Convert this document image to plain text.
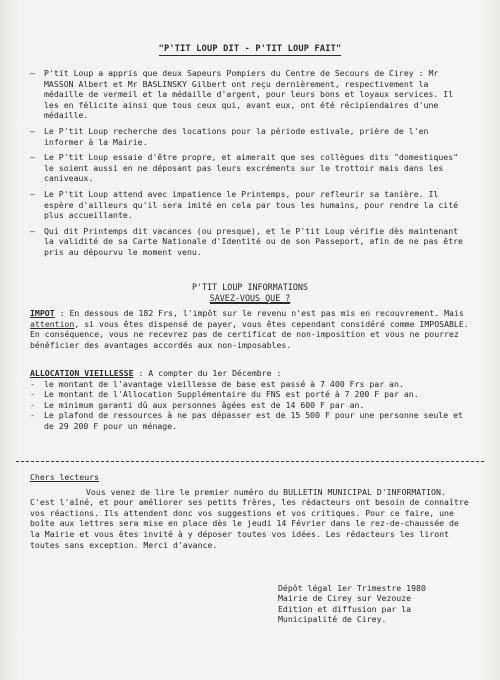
"P'TIT LOUP DIT - P'TIT LOUP FAIT"
–	P'tit Loup a appris que deux Sapeurs Pompiers du Centre de Secours de Cirey : Mr MASSON Albert et Mr BASLINSKY Gilbert ont reçu dernièrement, respectivement la médaille de vermeil et la médaille d'argent, pour leurs bons et loyaux services. Il les en félicite ainsi que tous ceux qui, avant eux, ont été récipiendaires d'une médaille.
–	Le P'tit Loup recherche des locations pour la période estivale, prière de l'en informer à la Mairie.
–	Le P'tit Loup essaie d'être propre, et aimerait que ses collègues dits "domestiques" le soient aussi en ne déposant pas leurs excréments sur le trottoir mais dans les caniveaux.
–	Le P'tit Loup attend avec impatience le Printemps, pour refleurir sa tanière. Il espère d'ailleurs qu'il sera imité en cela par tous les humains, pour rendre la cité plus accueillante.
–	Qui dit Printemps dit vacances (ou presque), et le P'tit Loup vérifie dès maintenant la validité de sa Carte Nationale d'Identité ou de son Passeport, afin de ne pas être pris au dépourvu le moment venu.
P'TIT LOUP INFORMATIONS
SAVEZ-VOUS QUE ?

IMPOT : En dessous de 182 Frs, l'impôt sur le revenu n'est pas mis en recouvrement. Mais attention, si vous êtes dispensé de payer, vous êtes cependant considéré comme IMPOSABLE. En conséquence, vous ne recevrez pas de certificat de non-imposition et vous ne pourrez bénéficier des avantages accordés aux non-imposables.

ALLOCATION VIEILLESSE : A compter du 1er Décembre :

-	le montant de l'avantage vieillesse de base est passé à 7 400 Frs par an.
-	Le montant de l'Allocation Supplémentaire du FNS est porté à 7 200 F par an.
-	Le minimum garanti dû aux personnes âgées est de 14 600 F par an.
-	Le plafond de ressources à ne pas dépasser est de 15 500 F pour une personne seule et de 29 200 F pour un ménage.
Chers lecteurs

Vous venez de lire le premier numéro du BULLETIN MUNICIPAL D'INFORMATION. C'est l'aîné, et pour améliorer ses petits frères, les rédacteurs ont besoin de connaître vos réactions. Ils attendent donc vos suggestions et vos critiques. Pour ce faire, une boîte aux lettres sera mise en place dès le jeudi 14 Février dans le rez-de-chaussée de la Mairie et vous êtes invité à y déposer toutes vos idées. Les rédacteurs les liront toutes sans exception. Merci d'avance.

Dépôt légal 1er Trimestre 1980
Mairie de Cirey sur Vezouze
Edition et diffusion par la
Municipalité de Cirey.
